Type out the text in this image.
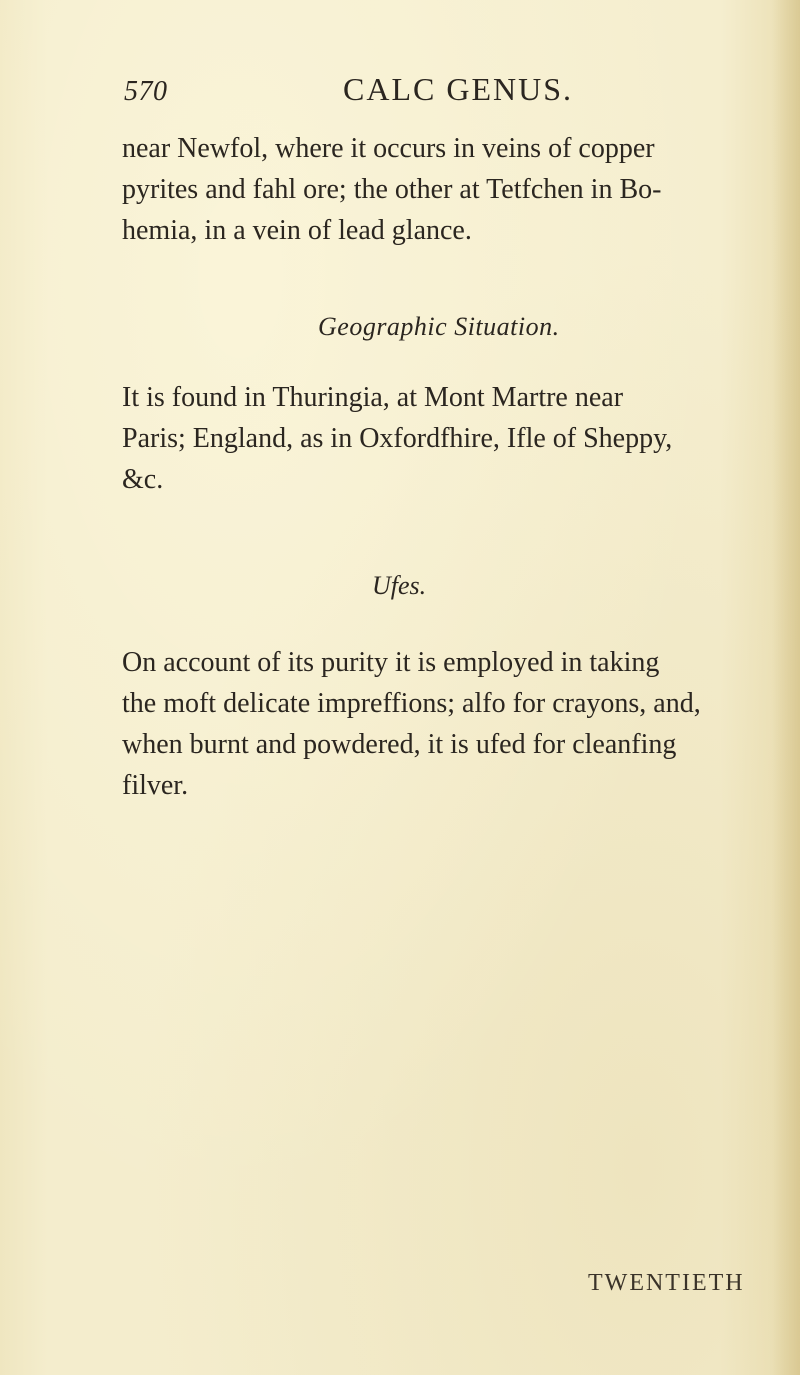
570	CALC GENUS.

near Newfol, where it occurs in veins of copper
pyrites and fahl ore; the other at Tetfchen in Bo-
hemia, in a vein of lead glance.

Geographic Situation.

It is found in Thuringia, at Mont Martre near
Paris; England, as in Oxfordfhire, Ifle of Sheppy,
&c.

Ufes.

On account of its purity it is employed in taking
the moft delicate impreffions; alfo for crayons, and,
when burnt and powdered, it is ufed for cleanfing
filver.

TWENTIETH
